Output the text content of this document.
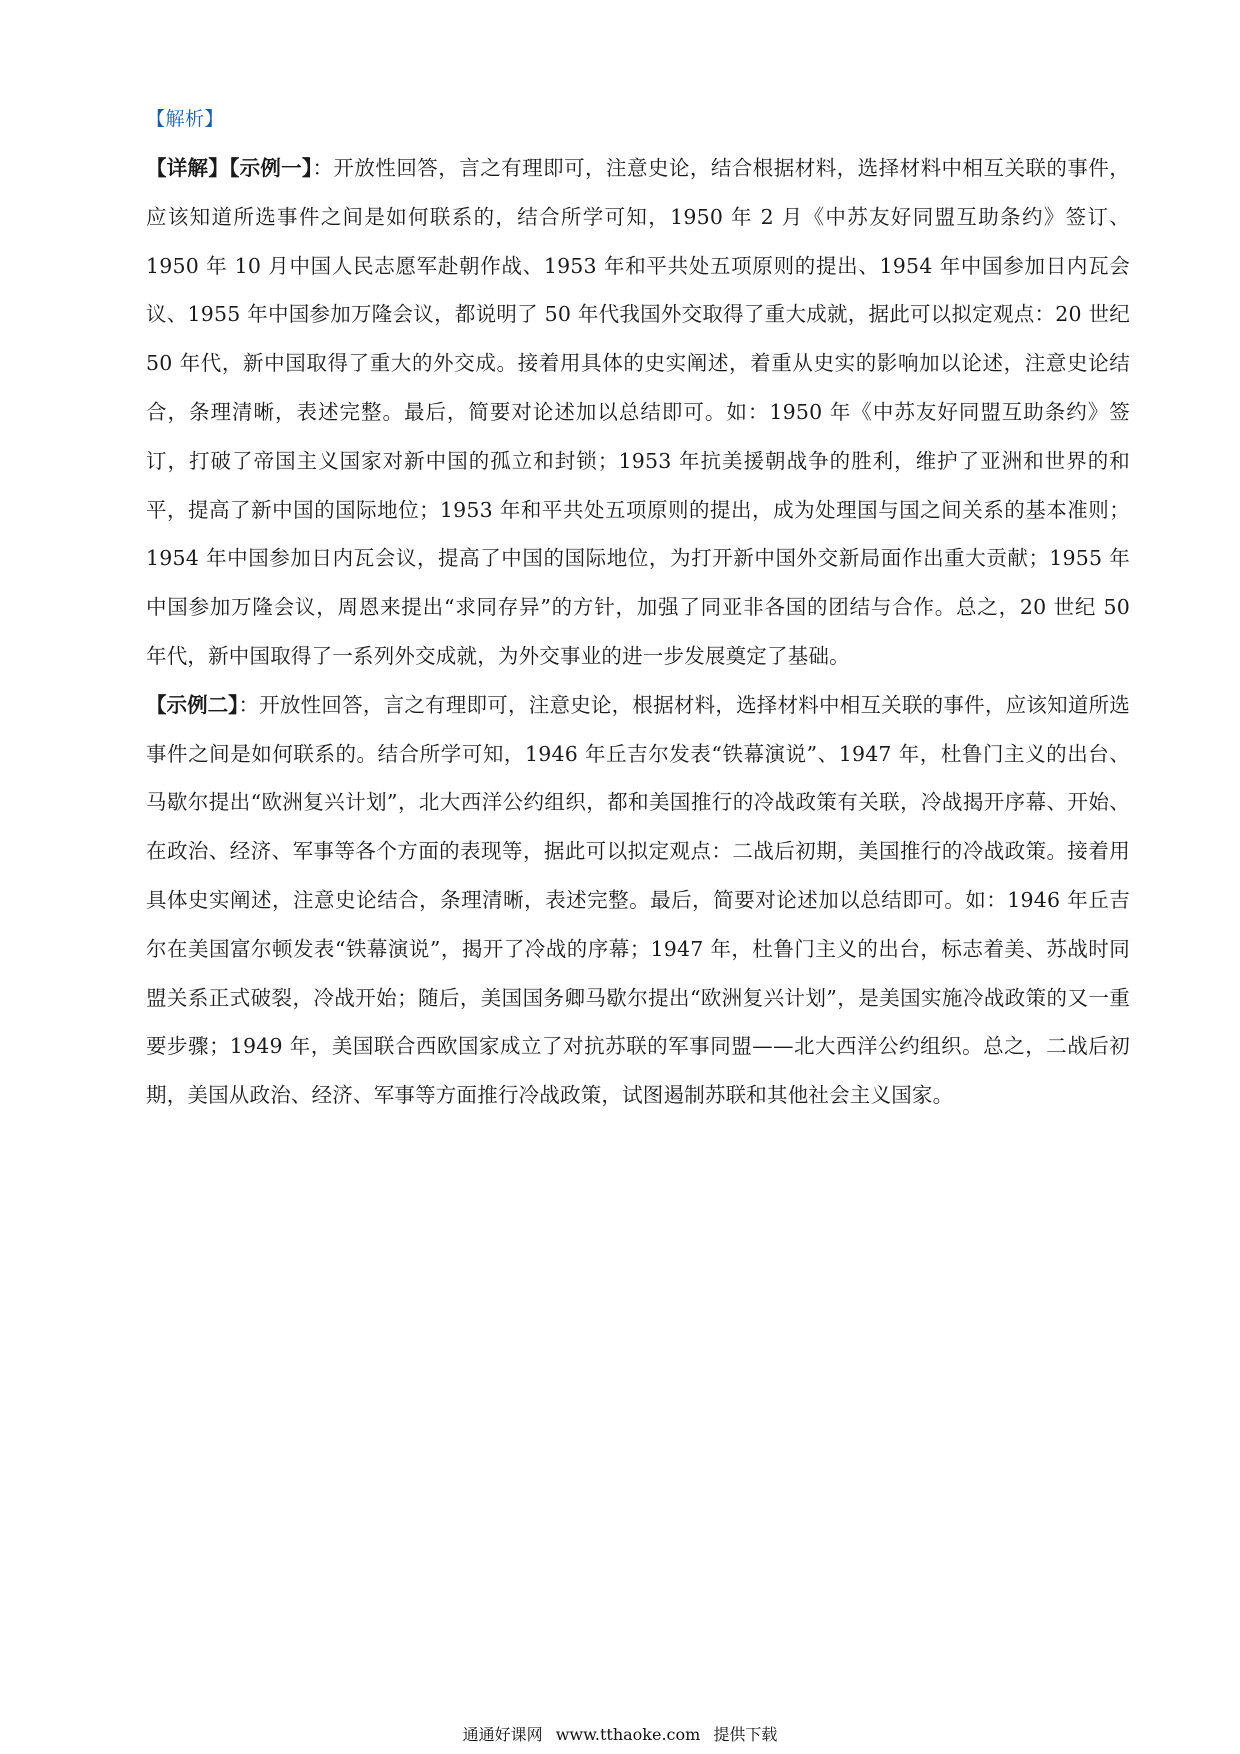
【解析】

【详解】【示例一】：开放性回答，言之有理即可，注意史论，结合根据材料，选择材料中相互关联的事件，应该知道所选事件之间是如何联系的，结合所学可知，1950 年 2 月《中苏友好同盟互助条约》签订、1950 年 10 月中国人民志愿军赴朝作战、1953 年和平共处五项原则的提出、1954 年中国参加日内瓦会议、1955 年中国参加万隆会议，都说明了 50 年代我国外交取得了重大成就，据此可以拟定观点：20 世纪 50 年代，新中国取得了重大的外交成。接着用具体的史实阐述，着重从史实的影响加以论述，注意史论结合，条理清晰，表述完整。最后，简要对论述加以总结即可。如：1950 年《中苏友好同盟互助条约》签订，打破了帝国主义国家对新中国的孤立和封锁；1953 年抗美援朝战争的胜利，维护了亚洲和世界的和平，提高了新中国的国际地位；1953 年和平共处五项原则的提出，成为处理国与国之间关系的基本准则；1954 年中国参加日内瓦会议，提高了中国的国际地位，为打开新中国外交新局面作出重大贡献；1955 年中国参加万隆会议，周恩来提出“求同存异”的方针，加强了同亚非各国的团结与合作。总之，20 世纪 50 年代，新中国取得了一系列外交成就，为外交事业的进一步发展奠定了基础。

【示例二】：开放性回答，言之有理即可，注意史论，根据材料，选择材料中相互关联的事件，应该知道所选事件之间是如何联系的。结合所学可知，1946 年丘吉尔发表“铁幕演说”、1947 年，杜鲁门主义的出台、马歇尔提出“欧洲复兴计划”，北大西洋公约组织，都和美国推行的冷战政策有关联，冷战揭开序幕、开始、在政治、经济、军事等各个方面的表现等，据此可以拟定观点：二战后初期，美国推行的冷战政策。接着用具体史实阐述，注意史论结合，条理清晰，表述完整。最后，简要对论述加以总结即可。如：1946 年丘吉尔在美国富尔顿发表“铁幕演说”，揭开了冷战的序幕；1947 年，杜鲁门主义的出台，标志着美、苏战时同盟关系正式破裂，冷战开始；随后，美国国务卿马歇尔提出“欧洲复兴计划”，是美国实施冷战政策的又一重要步骤；1949 年，美国联合西欧国家成立了对抗苏联的军事同盟——北大西洋公约组织。总之，二战后初期，美国从政治、经济、军事等方面推行冷战政策，试图遏制苏联和其他社会主义国家。

通通好课网 www.tthaoke.com 提供下载
